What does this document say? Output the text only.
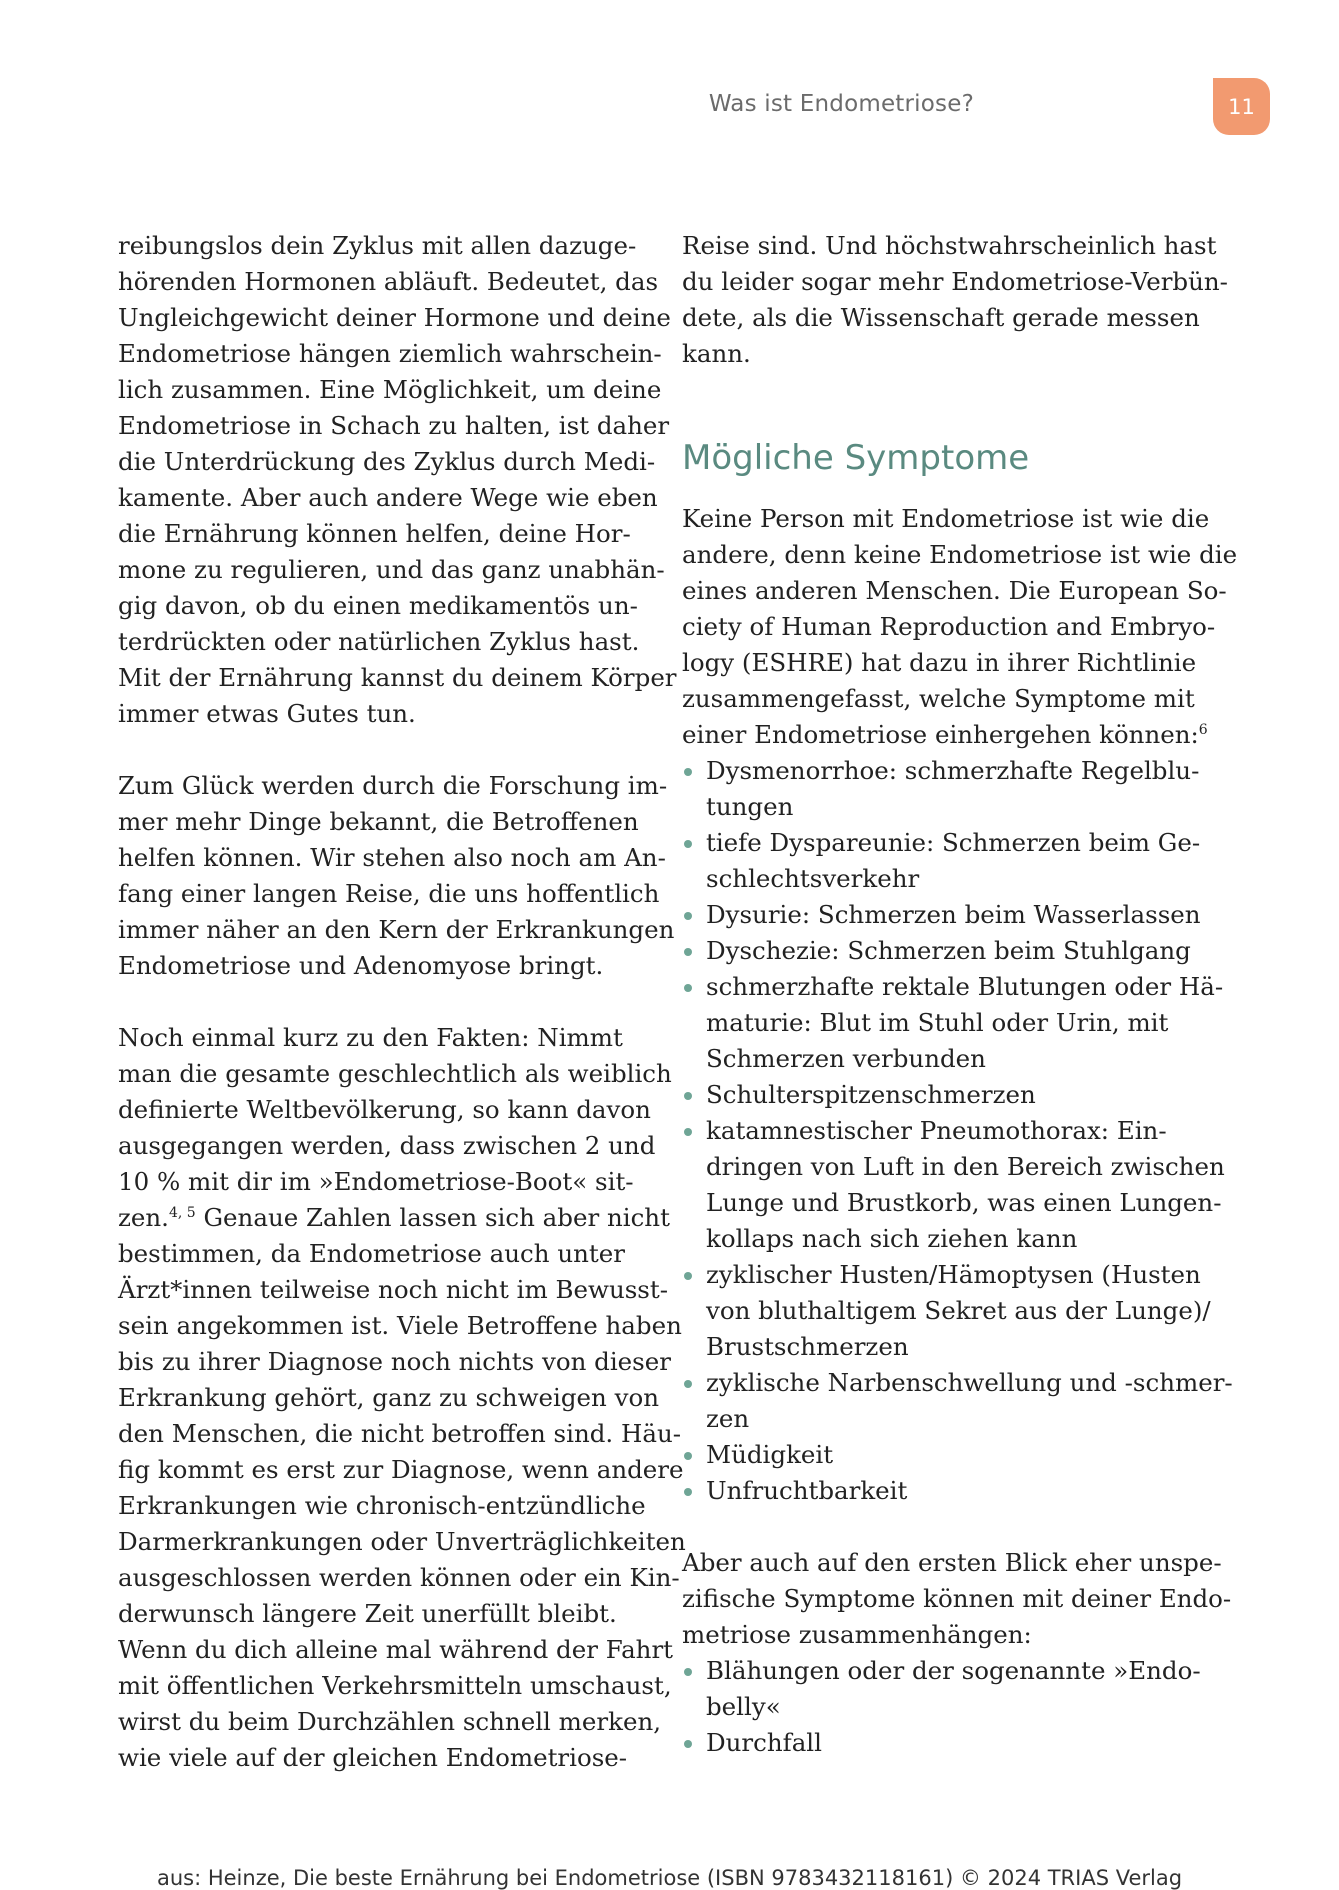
Was ist Endometriose?	11
reibungslos dein Zyklus mit allen dazuge-
hörenden Hormonen abläuft. Bedeutet, das
Ungleichgewicht deiner Hormone und deine
Endometriose hängen ziemlich wahrschein-
lich zusammen. Eine Möglichkeit, um deine
Endometriose in Schach zu halten, ist daher
die Unterdrückung des Zyklus durch Medi-
kamente. Aber auch andere Wege wie eben
die Ernährung können helfen, deine Hor-
mone zu regulieren, und das ganz unabhän-
gig davon, ob du einen medikamentös un-
terdrückten oder natürlichen Zyklus hast.
Mit der Ernährung kannst du deinem Körper
immer etwas Gutes tun.
Zum Glück werden durch die Forschung im-
mer mehr Dinge bekannt, die Betroffenen
helfen können. Wir stehen also noch am An-
fang einer langen Reise, die uns hoffentlich
immer näher an den Kern der Erkrankungen
Endometriose und Adenomyose bringt.
Noch einmal kurz zu den Fakten: Nimmt
man die gesamte geschlechtlich als weiblich
definierte Weltbevölkerung, so kann davon
ausgegangen werden, dass zwischen 2 und
10 % mit dir im »Endometriose-Boot« sit-
zen.$^{4, 5}$ Genaue Zahlen lassen sich aber nicht
bestimmen, da Endometriose auch unter
Ärzt*innen teilweise noch nicht im Bewusst-
sein angekommen ist. Viele Betroffene haben
bis zu ihrer Diagnose noch nichts von dieser
Erkrankung gehört, ganz zu schweigen von
den Menschen, die nicht betroffen sind. Häu-
fig kommt es erst zur Diagnose, wenn andere
Erkrankungen wie chronisch-entzündliche
Darmerkrankungen oder Unverträglichkeiten
ausgeschlossen werden können oder ein Kin-
derwunsch längere Zeit unerfüllt bleibt.
Wenn du dich alleine mal während der Fahrt
mit öffentlichen Verkehrsmitteln umschaust,
wirst du beim Durchzählen schnell merken,
wie viele auf der gleichen Endometriose-
Reise sind. Und höchstwahrscheinlich hast
du leider sogar mehr Endometriose-Verbün-
dete, als die Wissenschaft gerade messen
kann.
Mögliche Symptome
Keine Person mit Endometriose ist wie die
andere, denn keine Endometriose ist wie die
eines anderen Menschen. Die European So-
ciety of Human Reproduction and Embryo-
logy (ESHRE) hat dazu in ihrer Richtlinie
zusammengefasst, welche Symptome mit
einer Endometriose einhergehen können:$^6$
Dysmenorrhoe: schmerzhafte Regelblu-
tungen
tiefe Dyspareunie: Schmerzen beim Ge-
schlechtsverkehr
Dysurie: Schmerzen beim Wasserlassen
Dyschezie: Schmerzen beim Stuhlgang
schmerzhafte rektale Blutungen oder Hä-
maturie: Blut im Stuhl oder Urin, mit
Schmerzen verbunden
Schulterspitzenschmerzen
katamnestischer Pneumothorax: Ein-
dringen von Luft in den Bereich zwischen
Lunge und Brustkorb, was einen Lungen-
kollaps nach sich ziehen kann
zyklischer Husten/Hämoptysen (Husten
von bluthaltigem Sekret aus der Lunge)/
Brustschmerzen
zyklische Narbenschwellung und -schmer-
zen
Müdigkeit
Unfruchtbarkeit
Aber auch auf den ersten Blick eher unspe-
zifische Symptome können mit deiner Endo-
metriose zusammenhängen:
Blähungen oder der sogenannte »Endo-
belly«
Durchfall
aus: Heinze, Die beste Ernährung bei Endometriose (ISBN 9783432118161) © 2024 TRIAS Verlag
